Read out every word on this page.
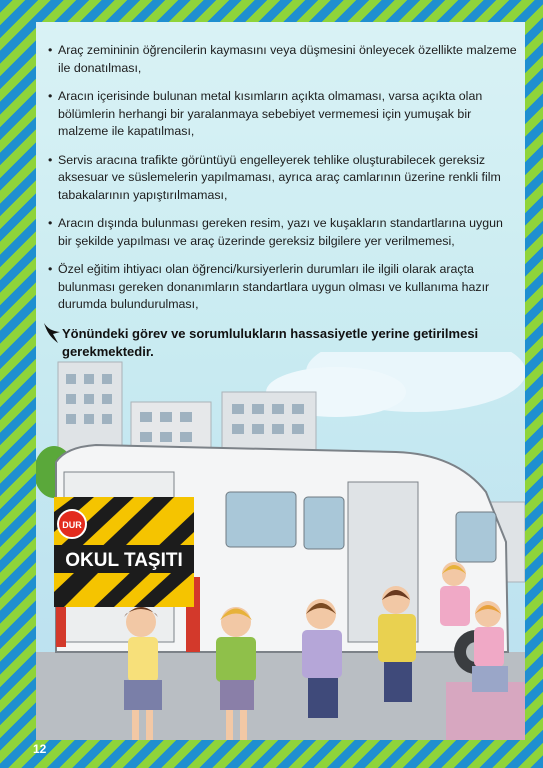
• Araç zemininin öğrencilerin kaymasını veya düşmesini önleyecek özellikte malzeme ile donatılması,
• Aracın içerisinde bulunan metal kısımların açıkta olmaması, varsa açıkta olan bölümlerin herhangi bir yaralanmaya sebebiyet vermemesi için yumuşak bir malzeme ile kapatılması,
• Servis aracına trafikte görüntüyü engelleyerek tehlike oluşturabilecek gereksiz aksesuar ve süslemelerin yapılmaması, ayrıca araç camlarının üzerine renkli film tabakalarının yapıştırılmaması,
• Aracın dışında bulunması gereken resim, yazı ve kuşakların standartlarına uygun bir şekilde yapılması ve araç üzerinde gereksiz bilgilere yer verilmemesi,
• Özel eğitim ihtiyacı olan öğrenci/kursiyerlerin durumları ile ilgili olarak araçta bulunması gereken donanımların standartlara uygun olması ve kullanıma hazır durumda bulundurulması,
Yönündeki görev ve sorumlulukların hassasiyetle yerine getirilmesi gerekmektedir.
OKUL TAŞITI
DUR
12
